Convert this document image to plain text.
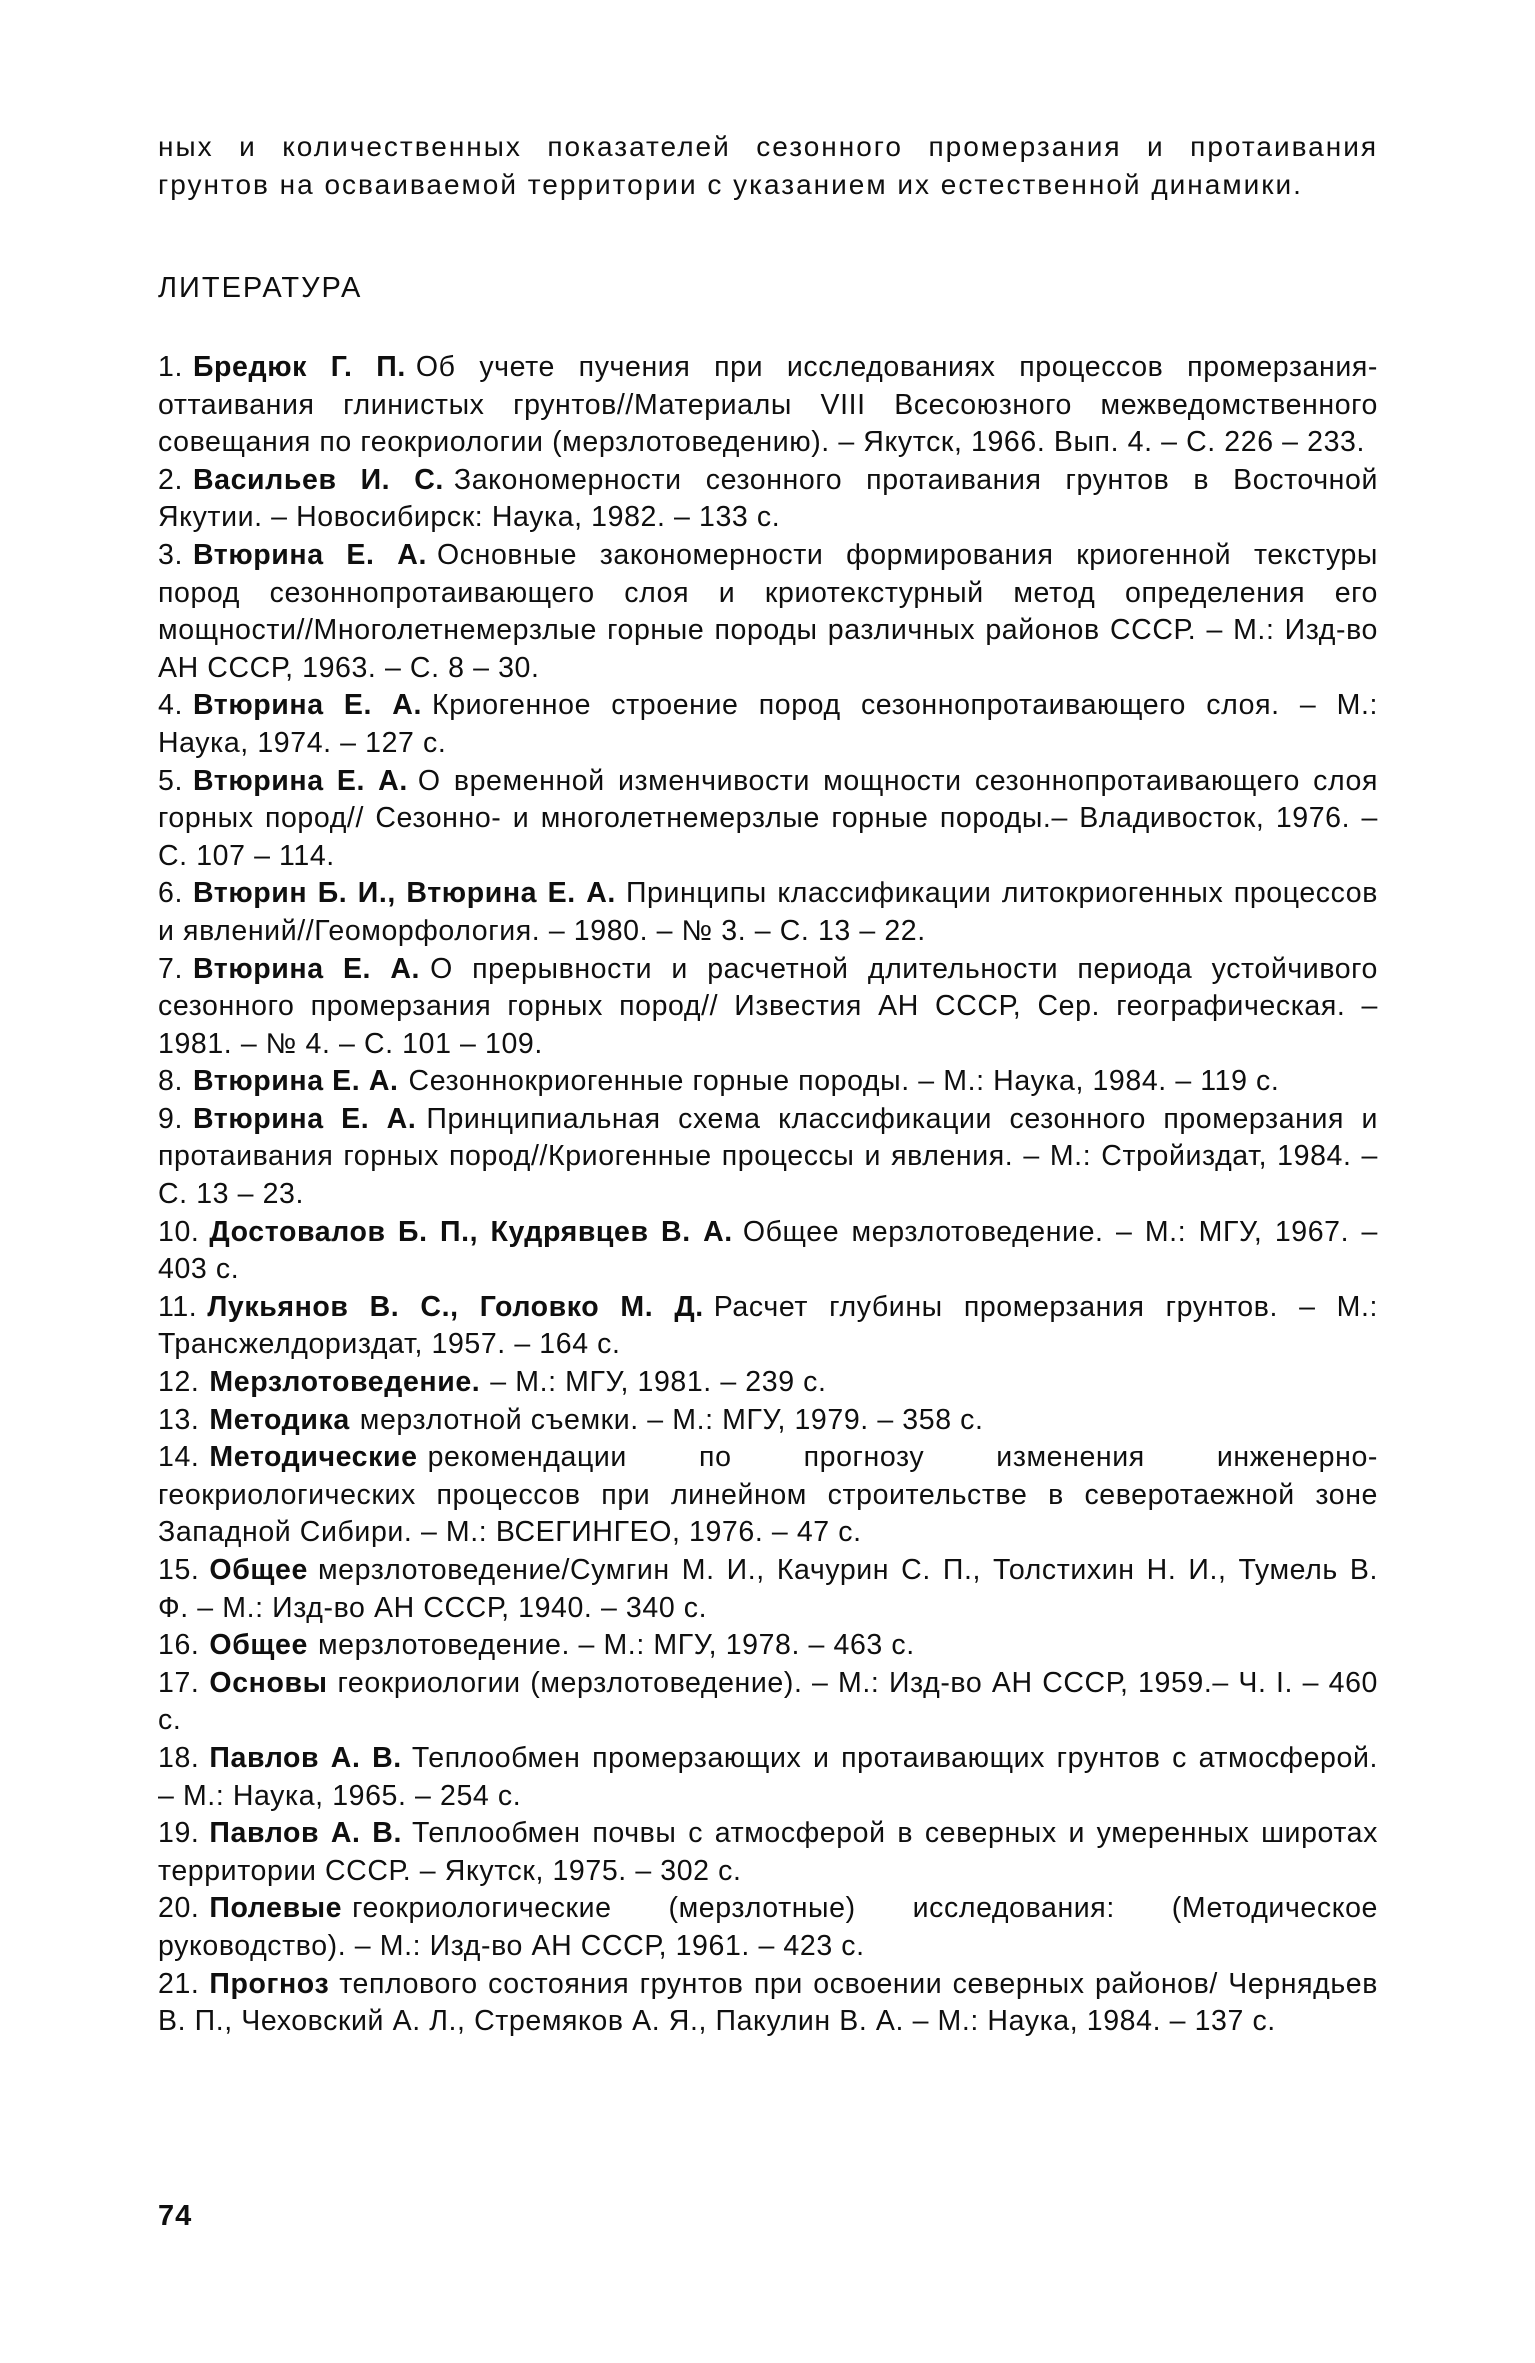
ных и количественных показателей сезонного промерзания и протаивания грунтов на осваиваемой территории с указанием их естественной динамики.

ЛИТЕРАТУРА

1. Бредюк Г. П. Об учете пучения при исследованиях процессов промерзания-оттаивания глинистых грунтов//Материалы VIII Всесоюзного межведомственного совещания по геокриологии (мерзлотоведению). – Якутск, 1966. Вып. 4. – С. 226 – 233.

2. Васильев И. С. Закономерности сезонного протаивания грунтов в Восточной Якутии. – Новосибирск: Наука, 1982. – 133 с.

3. Втюрина Е. А. Основные закономерности формирования криогенной текстуры пород сезоннопротаивающего слоя и криотекстурный метод определения его мощности//Многолетнемерзлые горные породы различных районов СССР. – М.: Изд-во АН СССР, 1963. – С. 8 – 30.

4. Втюрина Е. А. Криогенное строение пород сезоннопротаивающего слоя. – М.: Наука, 1974. – 127 с.

5. Втюрина Е. А. О временной изменчивости мощности сезоннопротаивающего слоя горных пород// Сезонно- и многолетнемерзлые горные породы.– Владивосток, 1976. – С. 107 – 114.

6. Втюрин Б. И., Втюрина Е. А. Принципы классификации литокриогенных процессов и явлений//Геоморфология. – 1980. – № 3. – С. 13 – 22.

7. Втюрина Е. А. О прерывности и расчетной длительности периода устойчивого сезонного промерзания горных пород// Известия АН СССР, Сер. географическая. – 1981. – № 4. – С. 101 – 109.

8. Втюрина Е. А. Сезоннокриогенные горные породы. – М.: Наука, 1984. – 119 с.

9. Втюрина Е. А. Принципиальная схема классификации сезонного промерзания и протаивания горных пород//Криогенные процессы и явления. – М.: Стройиздат, 1984. – С. 13 – 23.

10. Достовалов Б. П., Кудрявцев В. А. Общее мерзлотоведение. – М.: МГУ, 1967. – 403 с.

11. Лукьянов В. С., Головко М. Д. Расчет глубины промерзания грунтов. – М.: Трансжелдориздат, 1957. – 164 с.

12. Мерзлотоведение. – М.: МГУ, 1981. – 239 с.

13. Методика мерзлотной съемки. – М.: МГУ, 1979. – 358 с.

14. Методические рекомендации по прогнозу изменения инженерно-геокриологических процессов при линейном строительстве в северотаежной зоне Западной Сибири. – М.: ВСЕГИНГЕО, 1976. – 47 с.

15. Общее мерзлотоведение/Сумгин М. И., Качурин С. П., Толстихин Н. И., Тумель В. Ф. – М.: Изд-во АН СССР, 1940. – 340 с.

16. Общее мерзлотоведение. – М.: МГУ, 1978. – 463 с.

17. Основы геокриологии (мерзлотоведение). – М.: Изд-во АН СССР, 1959.– Ч. I. – 460 с.

18. Павлов А. В. Теплообмен промерзающих и протаивающих грунтов с атмосферой. – М.: Наука, 1965. – 254 с.

19. Павлов А. В. Теплообмен почвы с атмосферой в северных и умеренных широтах территории СССР. – Якутск, 1975. – 302 с.

20. Полевые геокриологические (мерзлотные) исследования: (Методическое руководство). – М.: Изд-во АН СССР, 1961. – 423 с.

21. Прогноз теплового состояния грунтов при освоении северных районов/ Чернядьев В. П., Чеховский А. Л., Стремяков А. Я., Пакулин В. А. – М.: Наука, 1984. – 137 с.

74
